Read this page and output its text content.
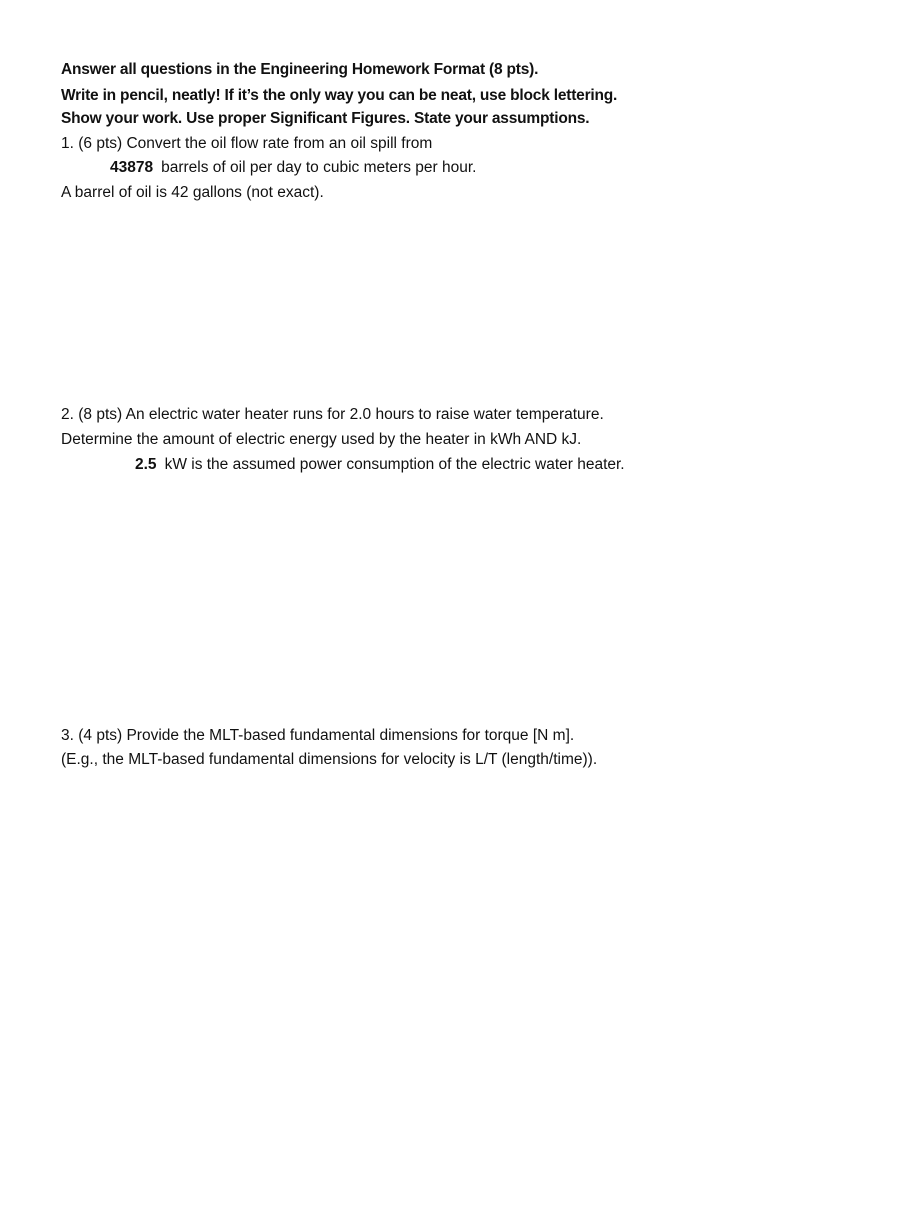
Answer all questions in the Engineering Homework Format (8 pts).
Write in pencil, neatly! If it’s the only way you can be neat, use block lettering.
Show your work. Use proper Significant Figures. State your assumptions.
1. (6 pts) Convert the oil flow rate from an oil spill from
43878 barrels of oil per day to cubic meters per hour.
A barrel of oil is 42 gallons (not exact).
2. (8 pts) An electric water heater runs for 2.0 hours to raise water temperature.
Determine the amount of electric energy used by the heater in kWh AND kJ.
2.5 kW is the assumed power consumption of the electric water heater.
3. (4 pts) Provide the MLT-based fundamental dimensions for torque [N m].
(E.g., the MLT-based fundamental dimensions for velocity is L/T (length/time)).
